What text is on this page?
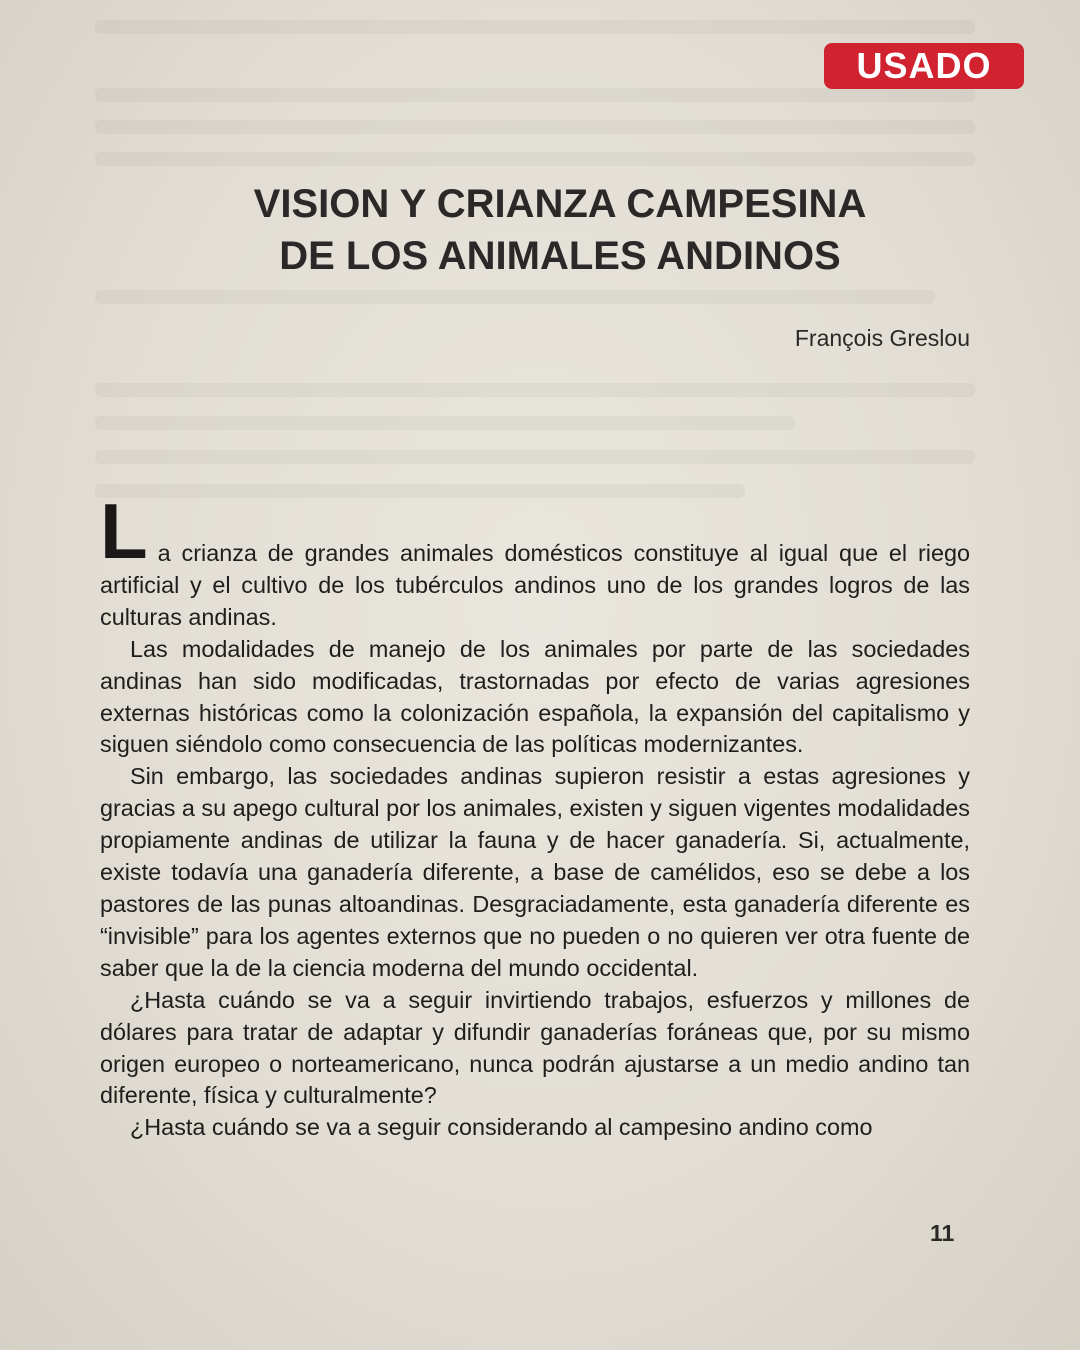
USADO
VISION Y CRIANZA CAMPESINA
DE LOS ANIMALES ANDINOS
François Greslou

La crianza de grandes animales domésticos constituye al igual que el riego artificial y el cultivo de los tubérculos andinos uno de los grandes logros de las culturas andinas.

Las modalidades de manejo de los animales por parte de las sociedades andinas han sido modificadas, trastornadas por efecto de varias agresiones externas históricas como la colonización española, la expansión del capitalismo y siguen siéndolo como consecuencia de las políticas modernizantes.

Sin embargo, las sociedades andinas supieron resistir a estas agresiones y gracias a su apego cultural por los animales, existen y siguen vigentes modalidades propiamente andinas de utilizar la fauna y de hacer ganadería. Si, actualmente, existe todavía una ganadería diferente, a base de camélidos, eso se debe a los pastores de las punas altoandinas. Desgraciadamente, esta ganadería diferente es “invisible” para los agentes externos que no pueden o no quieren ver otra fuente de saber que la de la ciencia moderna del mundo occidental.

¿Hasta cuándo se va a seguir invirtiendo trabajos, esfuerzos y millones de dólares para tratar de adaptar y difundir ganaderías foráneas que, por su mismo origen europeo o norteamericano, nunca podrán ajustarse a un medio andino tan diferente, física y culturalmente?

¿Hasta cuándo se va a seguir considerando al campesino andino como

11
